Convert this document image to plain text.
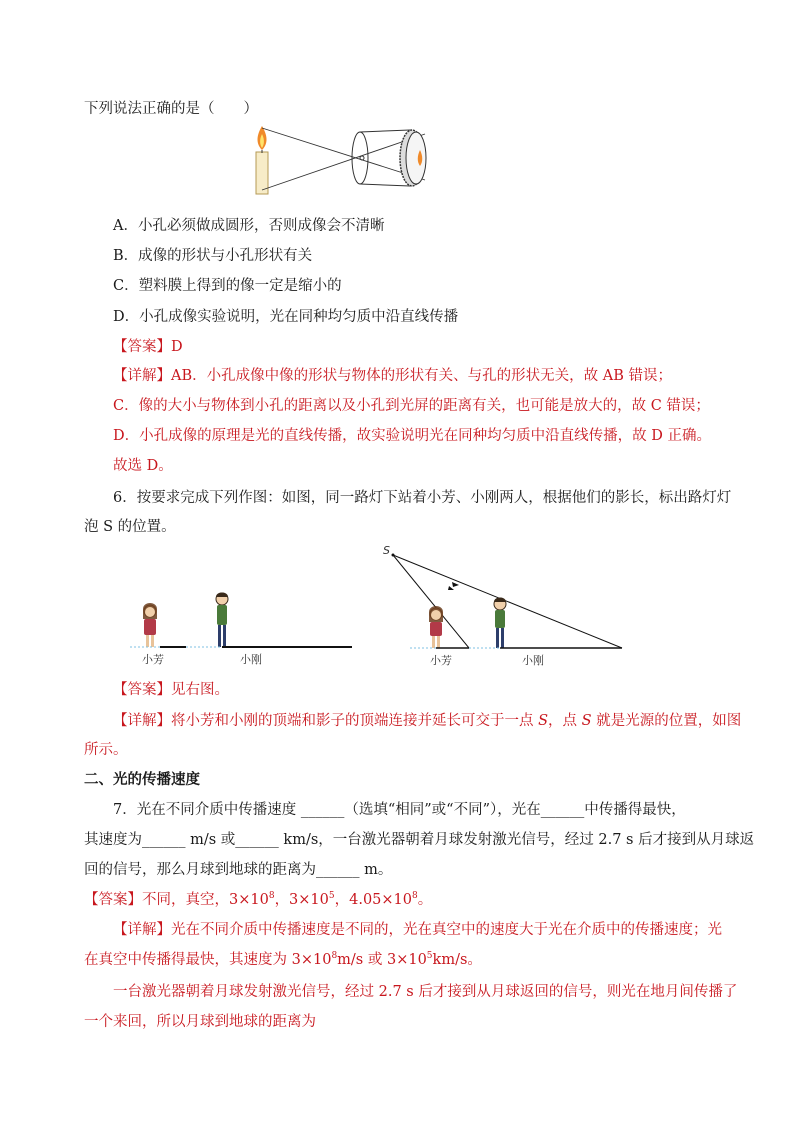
下列说法正确的是（　　）
A．小孔必须做成圆形，否则成像会不清晰
B．成像的形状与小孔形状有关
C．塑料膜上得到的像一定是缩小的
D．小孔成像实验说明，光在同种均匀质中沿直线传播
【答案】D
【详解】AB．小孔成像中像的形状与物体的形状有关、与孔的形状无关，故 AB 错误；
C．像的大小与物体到小孔的距离以及小孔到光屏的距离有关，也可能是放大的，故 C 错误；
D．小孔成像的原理是光的直线传播，故实验说明光在同种均匀质中沿直线传播，故 D 正确。
故选 D。
6．按要求完成下列作图：如图，同一路灯下站着小芳、小刚两人，根据他们的影长，标出路灯灯
泡 S 的位置。
小芳	小刚
S
小芳	小刚
【答案】见右图。
【详解】将小芳和小刚的顶端和影子的顶端连接并延长可交于一点 S，点 S 就是光源的位置，如图
所示。
二、光的传播速度
7．光在不同介质中传播速度 ______（选填“相同”或“不同”），光在______中传播得最快，
其速度为______ m/s 或______ km/s，一台激光器朝着月球发射激光信号，经过 2.7 s 后才接到从月球返
回的信号，那么月球到地球的距离为______ m。
【答案】不同，真空，$3\times 10^8$，$3\times 10^5$，$4.05\times 10^8$。
【详解】光在不同介质中传播速度是不同的，光在真空中的速度大于光在介质中的传播速度；光
在真空中传播得最快，其速度为 $3\times 10^8m/s$ 或 $3\times 10^5km/s$。
一台激光器朝着月球发射激光信号，经过 2.7 s 后才接到从月球返回的信号，则光在地月间传播了
一个来回，所以月球到地球的距离为
